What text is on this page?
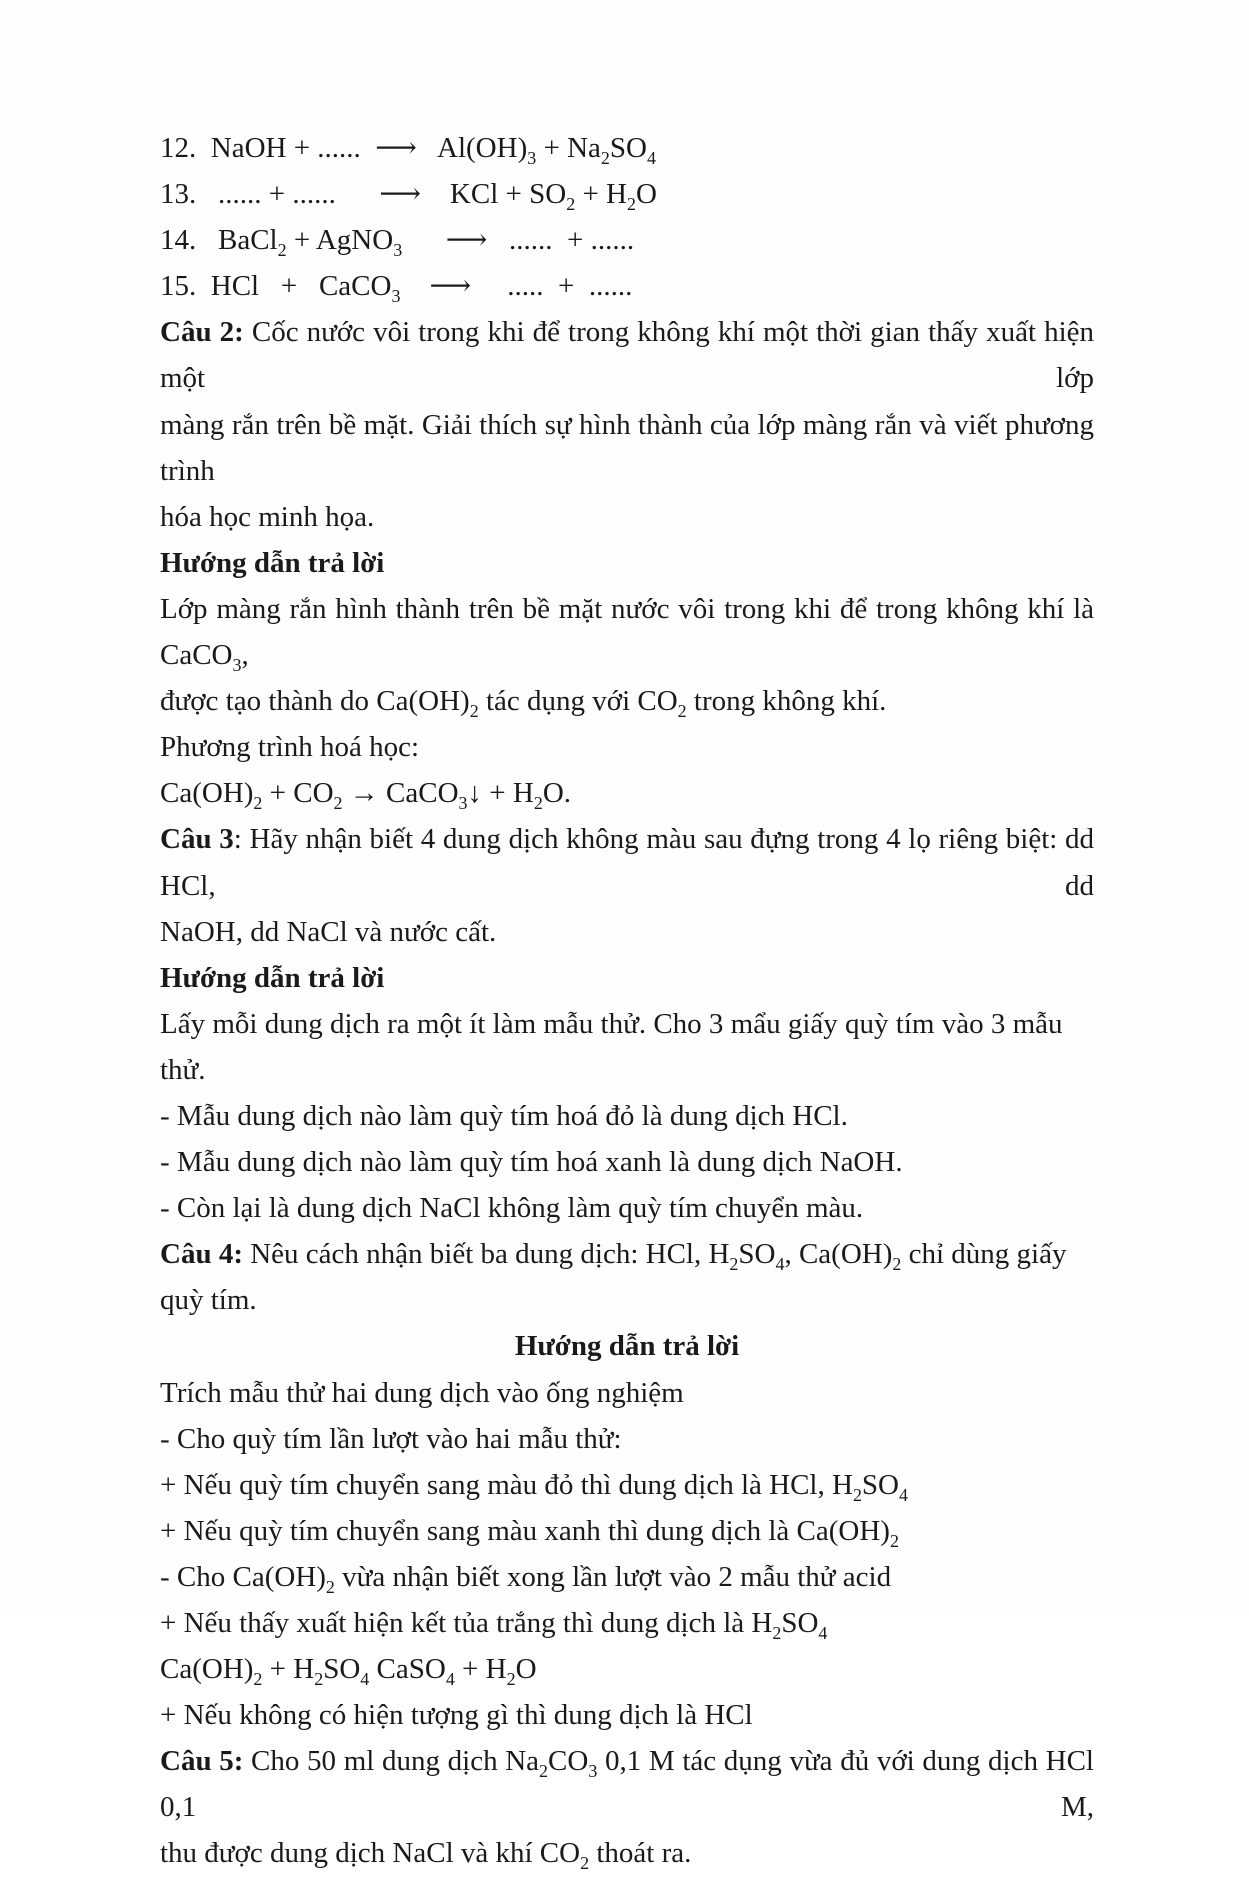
12.  NaOH + ......  ⟶   $Al(OH)_3 + Na_2SO_4$

13.   ...... + ......      ⟶    KCl + $SO_2 + H_2O$

14.   BaCl$_2$ + AgNO$_3$      ⟶   ......  + ......

15.  HCl   +   CaCO$_3$    ⟶     .....  +  ......

Câu 2: Cốc nước vôi trong khi để trong không khí một thời gian thấy xuất hiện một lớp

màng rắn trên bề mặt. Giải thích sự hình thành của lớp màng rắn và viết phương trình

hóa học minh họa.

Hướng dẫn trả lời

Lớp màng rắn hình thành trên bề mặt nước vôi trong khi để trong không khí là CaCO$_3$,

được tạo thành do $Ca(OH)_2$ tác dụng với $CO_2$ trong không khí.

Phương trình hoá học:

$Ca(OH)_2 + CO_2$ → CaCO$_3$↓ + $H_2O$.

Câu 3: Hãy nhận biết 4 dung dịch không màu sau đựng trong 4 lọ riêng biệt: dd HCl, dd

NaOH, dd NaCl và nước cất.

Hướng dẫn trả lời

Lấy mỗi dung dịch ra một ít làm mẫu thử. Cho 3 mẩu giấy quỳ tím vào 3 mẫu thử.

- Mẫu dung dịch nào làm quỳ tím hoá đỏ là dung dịch HCl.

- Mẫu dung dịch nào làm quỳ tím hoá xanh là dung dịch NaOH.

- Còn lại là dung dịch NaCl không làm quỳ tím chuyển màu.

Câu 4: Nêu cách nhận biết ba dung dịch: HCl, $H_2SO_4$, $Ca(OH)_2$ chỉ dùng giấy quỳ tím.

Hướng dẫn trả lời

Trích mẫu thử hai dung dịch vào ống nghiệm

- Cho quỳ tím lần lượt vào hai mẫu thử:

+ Nếu quỳ tím chuyển sang màu đỏ thì dung dịch là HCl, $H_2SO_4$

+ Nếu quỳ tím chuyển sang màu xanh thì dung dịch là $Ca(OH)_2$

- Cho $Ca(OH)_2$ vừa nhận biết xong lần lượt vào 2 mẫu thử acid

+ Nếu thấy xuất hiện kết tủa trắng thì dung dịch là $H_2SO_4$

$Ca(OH)_2 + H_2SO_4$ CaSO$_4$ + $H_2O$

+ Nếu không có hiện tượng gì thì dung dịch là HCl

Câu 5: Cho 50 ml dung dịch $Na_2CO_3$ 0,1 M tác dụng vừa đủ với dung dịch HCl 0,1 M,

thu được dung dịch NaCl và khí $CO_2$ thoát ra.
